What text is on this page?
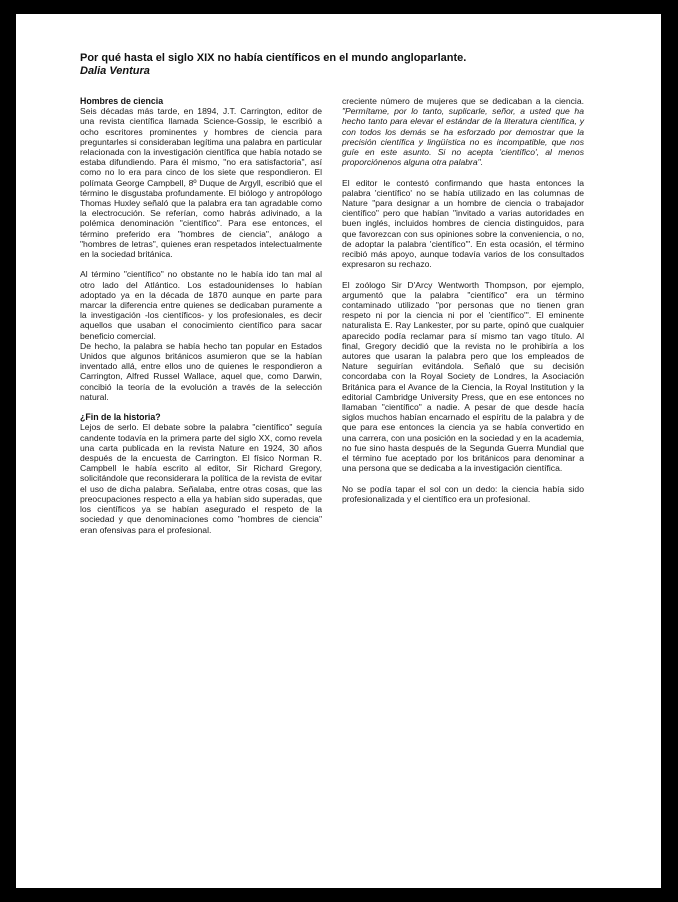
Por qué hasta el siglo XIX no había científicos en el mundo angloparlante.

Dalia Ventura

Hombres de ciencia

Seis décadas más tarde, en 1894, J.T. Carrington, editor de una revista científica llamada Science-Gossip, le escribió a ocho escritores prominentes y hombres de ciencia para preguntarles si consideraban legítima una palabra en particular relacionada con la investigación científica que había notado se estaba difundiendo. Para él mismo, "no era satisfactoria", así como no lo era para cinco de los siete que respondieron. El polímata George Campbell, 8º Duque de Argyll, escribió que el término le disgustaba profundamente. El biólogo y antropólogo Thomas Huxley señaló que la palabra era tan agradable como la electrocución. Se referían, como habrás adivinado, a la polémica denominación "científico". Para ese entonces, el término preferido era "hombres de ciencia", análogo a "hombres de letras", quienes eran respetados intelectualmente en la sociedad británica.

Al término "científico" no obstante no le había ido tan mal al otro lado del Atlántico. Los estadounidenses lo habían adoptado ya en la década de 1870 aunque en parte para marcar la diferencia entre quienes se dedicaban puramente a la investigación -los científicos- y los profesionales, es decir aquellos que usaban el conocimiento científico para sacar beneficio comercial.

De hecho, la palabra se había hecho tan popular en Estados Unidos que algunos británicos asumieron que se la habían inventado allá, entre ellos uno de quienes le respondieron a Carrington, Alfred Russel Wallace, aquel que, como Darwin, concibió la teoría de la evolución a través de la selección natural.

¿Fin de la historia?

Lejos de serlo. El debate sobre la palabra "científico" seguía candente todavía en la primera parte del siglo XX, como revela una carta publicada en la revista Nature en 1924, 30 años después de la encuesta de Carrington. El físico Norman R. Campbell le había escrito al editor, Sir Richard Gregory, solicitándole que reconsiderara la política de la revista de evitar el uso de dicha palabra. Señalaba, entre otras cosas, que las preocupaciones respecto a ella ya habían sido superadas, que los científicos ya se habían asegurado el respeto de la sociedad y que denominaciones como "hombres de ciencia" eran ofensivas para el profesional.

creciente número de mujeres que se dedicaban a la ciencia. "Permítame, por lo tanto, suplicarle, señor, a usted que ha hecho tanto para elevar el estándar de la literatura científica, y con todos los demás se ha esforzado por demostrar que la precisión científica y lingüística no es incompatible, que nos guíe en este asunto. Si no acepta 'científico', al menos proporciónenos alguna otra palabra".

El editor le contestó confirmando que hasta entonces la palabra 'científico' no se había utilizado en las columnas de Nature "para designar a un hombre de ciencia o trabajador científico" pero que habían "invitado a varias autoridades en buen inglés, incluidos hombres de ciencia distinguidos, para que favorezcan con sus opiniones sobre la conveniencia, o no, de adoptar la palabra 'científico'". En esta ocasión, el término recibió más apoyo, aunque todavía varios de los consultados expresaron su rechazo.

El zoólogo Sir D'Arcy Wentworth Thompson, por ejemplo, argumentó que la palabra "científico" era un término contaminado utilizado "por personas que no tienen gran respeto ni por la ciencia ni por el 'científico'". El eminente naturalista E. Ray Lankester, por su parte, opinó que cualquier aparecido podía reclamar para sí mismo tan vago título. Al final, Gregory decidió que la revista no le prohibiría a los autores que usaran la palabra pero que los empleados de Nature seguirían evitándola. Señaló que su decisión concordaba con la Royal Society de Londres, la Asociación Británica para el Avance de la Ciencia, la Royal Institution y la editorial Cambridge University Press, que en ese entonces no llamaban "científico" a nadie. A pesar de que desde hacía siglos muchos habían encarnado el espíritu de la palabra y de que para ese entonces la ciencia ya se había convertido en una carrera, con una posición en la sociedad y en la academia, no fue sino hasta después de la Segunda Guerra Mundial que el término fue aceptado por los británicos para denominar a una persona que se dedicaba a la investigación científica.

No se podía tapar el sol con un dedo: la ciencia había sido profesionalizada y el científico era un profesional.
